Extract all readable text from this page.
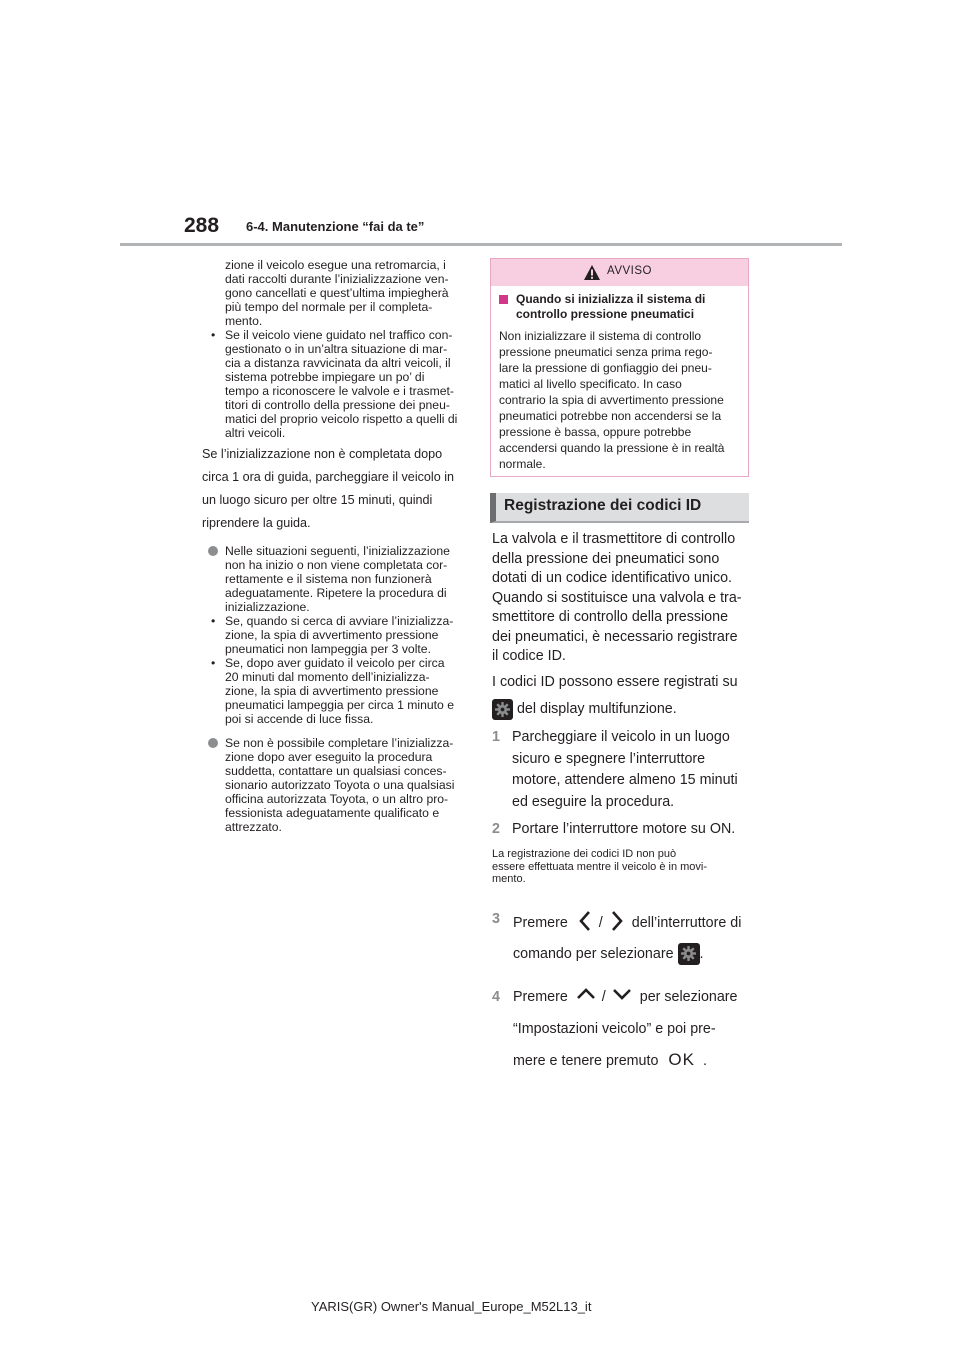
288 6-4. Manutenzione “fai da te”

zione il veicolo esegue una retromarcia, i

dati raccolti durante l’inizializzazione ven-

gono cancellati e quest’ultima impiegherà

più tempo del normale per il completa-

mento.

• Se il veicolo viene guidato nel traffico con-

gestionato o in un’altra situazione di mar-

cia a distanza ravvicinata da altri veicoli, il

sistema potrebbe impiegare un po’ di

tempo a riconoscere le valvole e i trasmet-

titori di controllo della pressione dei pneu-

matici del proprio veicolo rispetto a quelli di

altri veicoli.

Se l’inizializzazione non è completata dopo

circa 1 ora di guida, parcheggiare il veicolo in

un luogo sicuro per oltre 15 minuti, quindi

riprendere la guida.

Nelle situazioni seguenti, l’inizializzazione

non ha inizio o non viene completata cor-

rettamente e il sistema non funzionerà

adeguatamente. Ripetere la procedura di

inizializzazione.

• Se, quando si cerca di avviare l’inizializza-

zione, la spia di avvertimento pressione

pneumatici non lampeggia per 3 volte.

• Se, dopo aver guidato il veicolo per circa

20 minuti dal momento dell’inizializza-

zione, la spia di avvertimento pressione

pneumatici lampeggia per circa 1 minuto e

poi si accende di luce fissa.

Se non è possibile completare l’inizializza-

zione dopo aver eseguito la procedura

suddetta, contattare un qualsiasi conces-

sionario autorizzato Toyota o una qualsiasi

officina autorizzata Toyota, o un altro pro-

fessionista adeguatamente qualificato e

attrezzato.

AVVISO
Quando si inizializza il sistema di
controllo pressione pneumatici
Non inizializzare il sistema di controllo
pressione pneumatici senza prima rego-
lare la pressione di gonfiaggio dei pneu-
matici al livello specificato. In caso
contrario la spia di avvertimento pressione
pneumatici potrebbe non accendersi se la
pressione è bassa, oppure potrebbe
accendersi quando la pressione è in realtà
normale.
Registrazione dei codici ID
La valvola e il trasmettitore di controllo
della pressione dei pneumatici sono
dotati di un codice identificativo unico.
Quando si sostituisce una valvola e tra-
smettitore di controllo della pressione
dei pneumatici, è necessario registrare
il codice ID.
I codici ID possono essere registrati su
del display multifunzione.
1 Parcheggiare il veicolo in un luogo
sicuro e spegnere l’interruttore
motore, attendere almeno 15 minuti
ed eseguire la procedura.
2 Portare l’interruttore motore su ON.
La registrazione dei codici ID non può
essere effettuata mentre il veicolo è in movi-
mento.
3 Premere / dell’interruttore di
comando per selezionare .
4 Premere / per selezionare
“Impostazioni veicolo” e poi pre-
mere e tenere premuto OK .
YARIS(GR) Owner's Manual_Europe_M52L13_it
